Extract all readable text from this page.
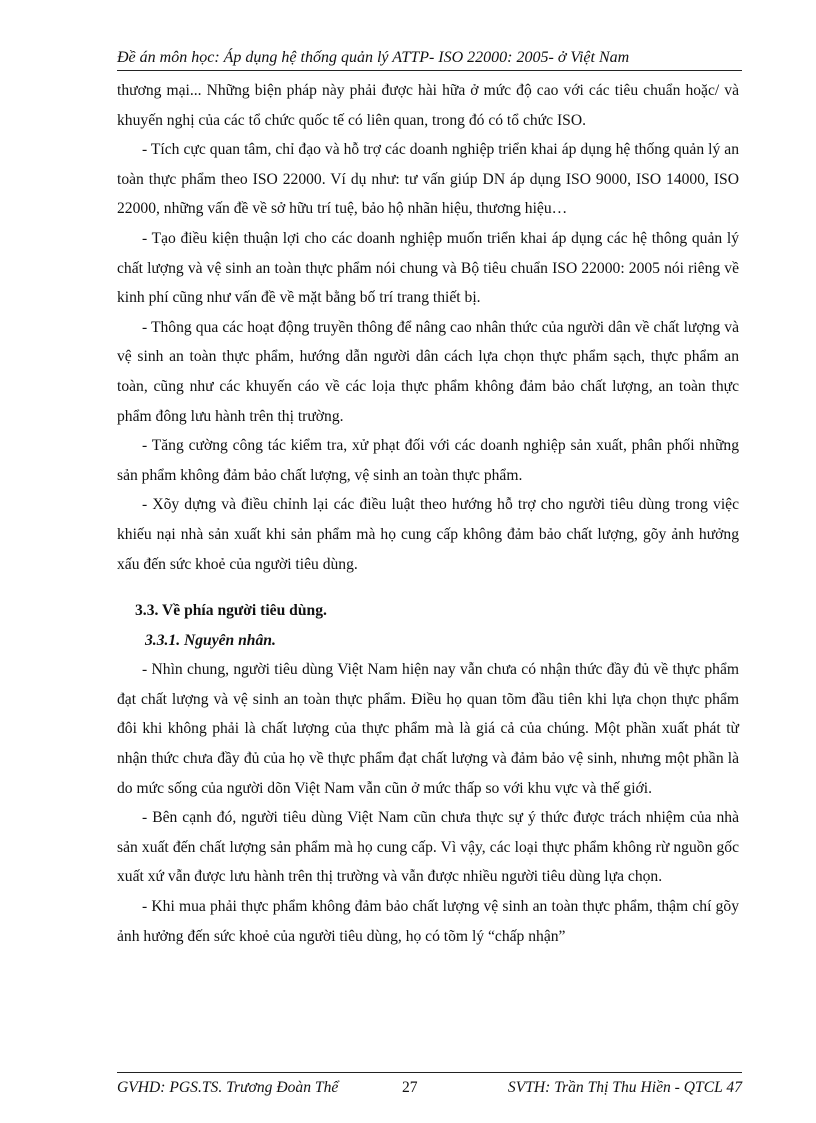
Đề án môn học: Áp dụng hệ thống quản lý ATTP- ISO 22000: 2005- ở Việt Nam

thương mại... Những biện pháp này phải được hài hữa ở mức độ cao với các tiêu chuẩn hoặc/ và khuyến nghị của các tổ chức quốc tế có liên quan, trong đó có tổ chức ISO.

- Tích cực quan tâm, chỉ đạo và hỗ trợ các doanh nghiệp triển khai áp dụng hệ thống quản lý an toàn thực phẩm theo ISO 22000. Ví dụ như: tư vấn giúp DN áp dụng ISO 9000, ISO 14000, ISO 22000, những vấn đề về sở hữu trí tuệ, bảo hộ nhãn hiệu, thương hiệu…

- Tạo điều kiện thuận lợi cho các doanh nghiệp muốn triển khai áp dụng các hệ thông quản lý chất lượng và vệ sinh an toàn thực phẩm nói chung và Bộ tiêu chuẩn ISO 22000: 2005 nói riêng về kinh phí cũng như vấn đề về mặt bằng bố trí trang thiết bị.

- Thông qua các hoạt động truyền thông để nâng cao nhân thức của người dân về chất lượng và vệ sinh an toàn thực phẩm, hướng dẫn người dân cách lựa chọn thực phẩm sạch, thực phẩm an toàn, cũng như các khuyến cáo về các loịa thực phẩm không đảm bảo chất lượng, an toàn thực phẩm đông lưu hành trên thị trường.

- Tăng cường công tác kiểm tra, xử phạt đối với các doanh nghiệp sản xuất, phân phối những sản phẩm không đảm bảo chất lượng, vệ sinh an toàn thực phẩm.

- Xõy dựng và điều chỉnh lại các điều luật theo hướng hỗ trợ cho người tiêu dùng trong việc khiếu nại nhà sản xuất khi sản phẩm mà họ cung cấp không đảm bảo chất lượng, gõy ảnh hưởng xấu đến sức khoẻ của người tiêu dùng.

3.3. Về phía người tiêu dùng.

3.3.1. Nguyên nhân.

- Nhìn chung, người tiêu dùng Việt Nam hiện nay vẫn chưa có nhận thức đầy đủ về thực phẩm đạt chất lượng và vệ sinh an toàn thực phẩm. Điều họ quan tõm đầu tiên khi lựa chọn thực phẩm đôi khi không phải là chất lượng của thực phẩm mà là giá cả của chúng. Một phần xuất phát từ nhận thức chưa đầy đủ của họ về thực phẩm đạt chất lượng và đảm bảo vệ sinh, nhưng một phần là do mức sống của người dõn Việt Nam vẫn cũn ở mức thấp so với khu vực và thế giới.

- Bên cạnh đó, người tiêu dùng Việt Nam cũn chưa thực sự ý thức được trách nhiệm của nhà sản xuất đến chất lượng sản phẩm mà họ cung cấp. Vì vậy, các loại thực phẩm không rừ nguồn gốc xuất xứ vẫn được lưu hành trên thị trường và vẫn được nhiều người tiêu dùng lựa chọn.

- Khi mua phải thực phẩm không đảm bảo chất lượng vệ sinh an toàn thực phẩm, thậm chí gõy ảnh hưởng đến sức khoẻ của người tiêu dùng, họ có tõm lý “chấp nhận”

GVHD: PGS.TS. Trương Đoàn Thể	27	SVTH: Trần Thị Thu Hiền - QTCL 47
